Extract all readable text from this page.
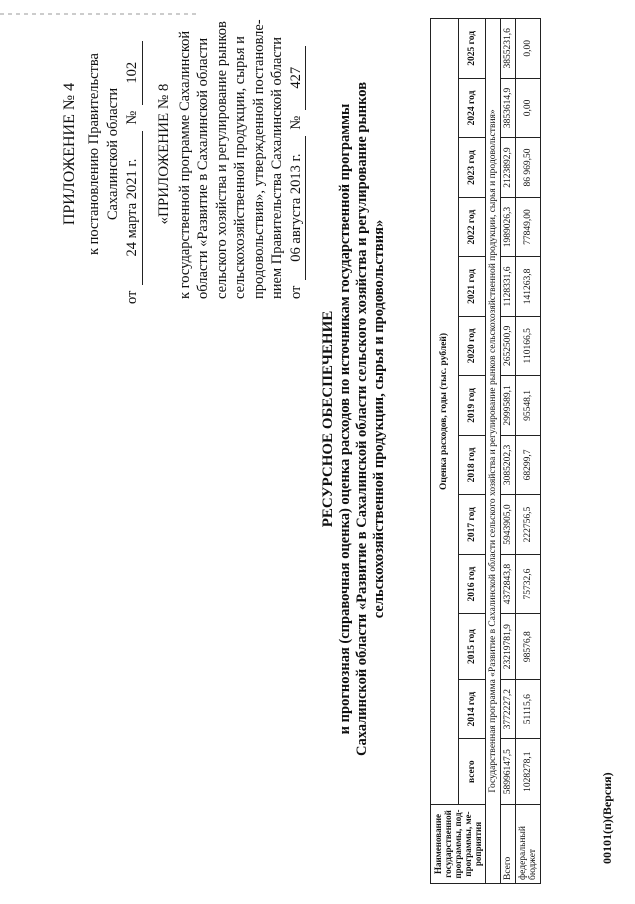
ПРИЛОЖЕНИЕ № 4 к постановлению Правительства Сахалинской области
от
24 марта 2021 г.
№
102
«ПРИЛОЖЕНИЕ № 8 к государственной программе Сахалинской области «Развитие в Сахалинской области сельского хозяйства и регулирование рынков сельскохозяйственной продукции, сырья и продовольствия», утвержденной постановле- нием Правительства Сахалинской области от
06 августа 2013 г.
№
427
РЕСУРСНОЕ ОБЕСПЕЧЕНИЕ и прогнозная (справочная оценка) оценка расходов по источникам государственной программы Сахалинской области «Развитие в Сахалинской области сельского хозяйства и регулирование рынков сельскохозяйственной продукции, сырья и продовольствия»
Наименование государственной программы, под-программы, ме-роприятия	Оценка расходов, годы (тыс. рублей)												
	всего	2014 год	2015 год	2016 год	2017 год	2018 год	2019 год	2020 год	2021 год	2022 год	2023 год	2024 год	2025 год
Государственная программа «Развитие в Сахалинской области сельского хозяйства и регулирование рынков сельскохозяйственной продукции, сырья и продовольствия»													
Всего	58996147,5	3772227,2	23219781,9	4372843,8	5943905,0	3085202,3	2999589,1	2652500,9	1128331,6	1989026,3	2123892,9	3853614,9	3855231,6
федеральный бюджет	1028278,1	51115,6	98576,8	75732,6	222756,5	68299,7	95548,1	110166,5	141263,8	77849,00	86 969,50	0,00	0,00
00101(п)(Версия)
